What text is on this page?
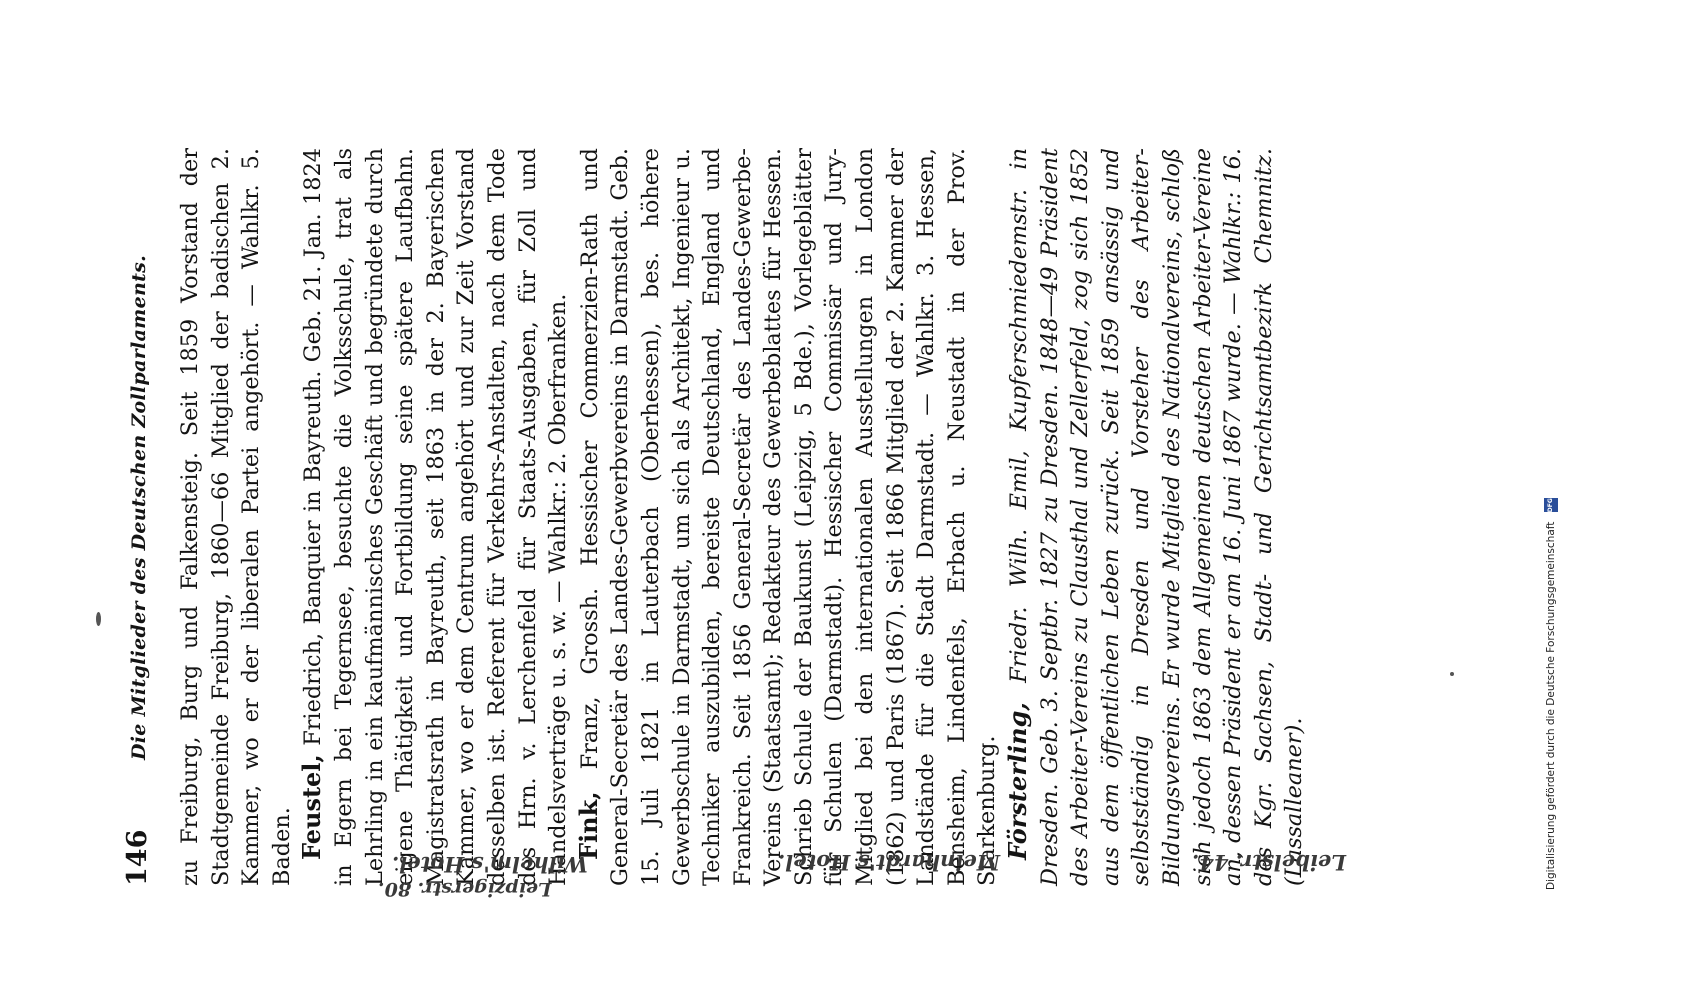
146
Die Mitglieder des Deutschen Zollparlaments. zu Freiburg, Burg und Falkensteig. Seit 1859 Vorstand der Stadtgemeinde Freiburg, 1860—66 Mitglied der badischen 2. Kammer, wo er der liberalen Partei angehört. — Wahlkr. 5. Baden. Feustel, Friedrich, Banquier in Bayreuth. Geb. 21. Jan. 1824 in Egern bei Tegernsee, besuchte die Volksschule, trat als Lehrling in ein kaufmännisches Geschäft und begründete durch eigene Thätigkeit und Fortbildung seine spätere Laufbahn. Magistratsrath in Bayreuth, seit 1863 in der 2. Bayerischen Kammer, wo er dem Centrum angehört und zur Zeit Vorstand desselben ist. Referent für Verkehrs-Anstalten, nach dem Tode des Hrn. v. Lerchenfeld für Staats-Ausgaben, für Zoll und Handelsverträge u. s. w. — Wahlkr.: 2. Oberfranken. Fink, Franz, Grossh. Hessischer Commerzien-Rath und General-Secretär des Landes-Gewerbvereins in Darmstadt. Geb. 15. Juli 1821 in Lauterbach (Oberhessen), bes. höhere Gewerbschule in Darmstadt, um sich als Architekt, Ingenieur u. Techniker auszubilden, bereiste Deutschland, England und Frankreich. Seit 1856 General-Secretär des Landes-Gewerbe-Vereins (Staatsamt); Redakteur des Gewerbeblattes für Hessen. Schrieb Schule der Baukunst (Leipzig, 5 Bde.), Vorlegeblätter für Schulen (Darmstadt). Hessischer Commissär und Jury-Mitglied bei den internationalen Ausstellungen in London (1862) und Paris (1867). Seit 1866 Mitglied der 2. Kammer der Landstände für die Stadt Darmstadt. — Wahlkr. 3. Hessen, Bensheim, Lindenfels, Erbach u. Neustadt in der Prov. Starkenburg. Försterling, Friedr. Wilh. Emil, Kupferschmiedemstr. in Dresden. Geb. 3. Septbr. 1827 zu Dresden. 1848—49 Präsident des Arbeiter-Vereins zu Clausthal und Zellerfeld, zog sich 1852 aus dem öffentlichen Leben zurück. Seit 1859 ansässig und selbstständig in Dresden und Vorsteher des Arbeiter-Bildungsvereins. Er wurde Mitglied des Nationalvereins, schloß sich jedoch 1863 dem Allgemeinen deutschen Arbeiter-Vereine an, dessen Präsident er am 16. Juni 1867 wurde. — Wahlkr.: 16. des Kgr. Sachsen, Stadt- und Gerichtsamtbezirk Chemnitz. (Lassalleaner).

Wilhelm's Hotel.
Leipzigerstr. 80.
Meinhardt's Hotel.	Leibelstr. 44.	Digitalisierung gefördert durch die Deutsche Forschungsgemeinschaft DFG
